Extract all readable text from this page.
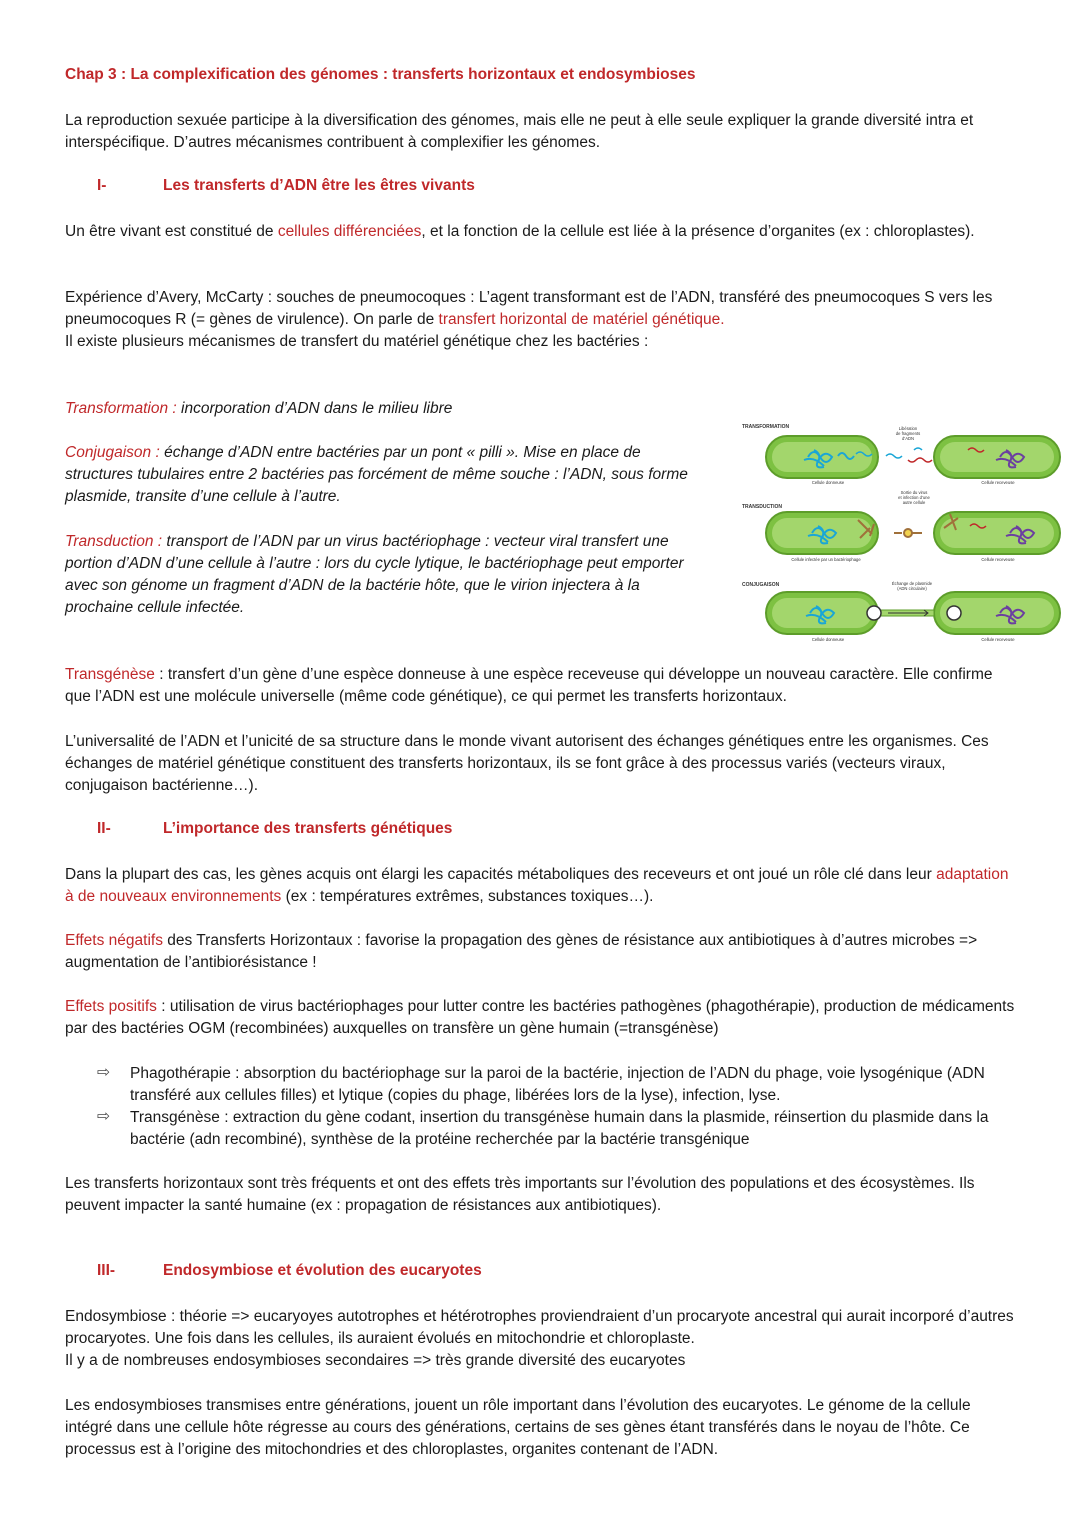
Chap 3 : La complexification des génomes : transferts horizontaux et endosymbioses

La reproduction sexuée participe à la diversification des génomes, mais elle ne peut à elle seule expliquer la grande diversité intra et interspécifique. D’autres mécanismes contribuent à complexifier les génomes.

I-	Les transferts d’ADN être les êtres vivants

Un être vivant est constitué de cellules différenciées, et la fonction de la cellule est liée à la présence d’organites (ex : chloroplastes).

Expérience d’Avery, McCarty : souches de pneumocoques : L’agent transformant est de l’ADN, transféré des pneumocoques S vers les pneumocoques R (= gènes de virulence). On parle de transfert horizontal de matériel génétique.

Il existe plusieurs mécanismes de transfert du matériel génétique chez les bactéries :

Transformation : incorporation d’ADN dans le milieu libre

Conjugaison : échange d’ADN entre bactéries par un pont « pilli ». Mise en place de structures tubulaires entre 2 bactéries pas forcément de même souche : l’ADN, sous forme plasmide, transite d’une cellule à l’autre.

Transduction : transport de l’ADN par un virus bactériophage : vecteur viral transfert une portion d’ADN d’une cellule à l’autre : lors du cycle lytique, le bactériophage peut emporter avec son génome un fragment d’ADN de la bactérie hôte, que le virion injectera à la prochaine cellule infectée.

TRANSFORMATION
TRANSDUCTION
CONJUGAISON
Libération
de fragments
d’ADN
Sortie du virus
et infection d’une
autre cellule
Échange de plasmide
(ADN circulaire)
Cellule donneuse	Cellule receveuse
Cellule infectée par un bactériophage	Cellule receveuse
Cellule donneuse	Cellule receveuse

Transgénèse : transfert d’un gène d’une espèce donneuse à une espèce receveuse qui développe un nouveau caractère. Elle confirme que l’ADN est une molécule universelle (même code génétique), ce qui permet les transferts horizontaux.

L’universalité de l’ADN et l’unicité de sa structure dans le monde vivant autorisent des échanges génétiques entre les organismes. Ces échanges de matériel génétique constituent des transferts horizontaux, ils se font grâce à des processus variés (vecteurs viraux, conjugaison bactérienne…).

II-	L’importance des transferts génétiques

Dans la plupart des cas, les gènes acquis ont élargi les capacités métaboliques des receveurs et ont joué un rôle clé dans leur adaptation à de nouveaux environnements (ex : températures extrêmes, substances toxiques…).

Effets négatifs des Transferts Horizontaux : favorise la propagation des gènes de résistance aux antibiotiques à d’autres microbes => augmentation de l’antibiorésistance !

Effets positifs : utilisation de virus bactériophages pour lutter contre les bactéries pathogènes (phagothérapie), production de médicaments par des bactéries OGM (recombinées) auxquelles on transfère un gène humain (=transgénèse)

⇨	Phagothérapie : absorption du bactériophage sur la paroi de la bactérie, injection de l’ADN du phage, voie lysogénique (ADN transféré aux cellules filles) et lytique (copies du phage, libérées lors de la lyse), infection, lyse.

⇨	Transgénèse : extraction du gène codant, insertion du transgénèse humain dans la plasmide, réinsertion du plasmide dans la bactérie (adn recombiné), synthèse de la protéine recherchée par la bactérie transgénique

Les transferts horizontaux sont très fréquents et ont des effets très importants sur l’évolution des populations et des écosystèmes. Ils peuvent impacter la santé humaine (ex : propagation de résistances aux antibiotiques).

III-	Endosymbiose et évolution des eucaryotes

Endosymbiose : théorie => eucaryoyes autotrophes et hétérotrophes proviendraient d’un procaryote ancestral qui aurait incorporé d’autres procaryotes. Une fois dans les cellules, ils auraient évolués en mitochondrie et chloroplaste.

Il y a de nombreuses endosymbioses secondaires => très grande diversité des eucaryotes

Les endosymbioses transmises entre générations, jouent un rôle important dans l’évolution des eucaryotes. Le génome de la cellule intégré dans une cellule hôte régresse au cours des générations, certains de ses gènes étant transférés dans le noyau de l’hôte. Ce processus est à l’origine des mitochondries et des chloroplastes, organites contenant de l’ADN.
